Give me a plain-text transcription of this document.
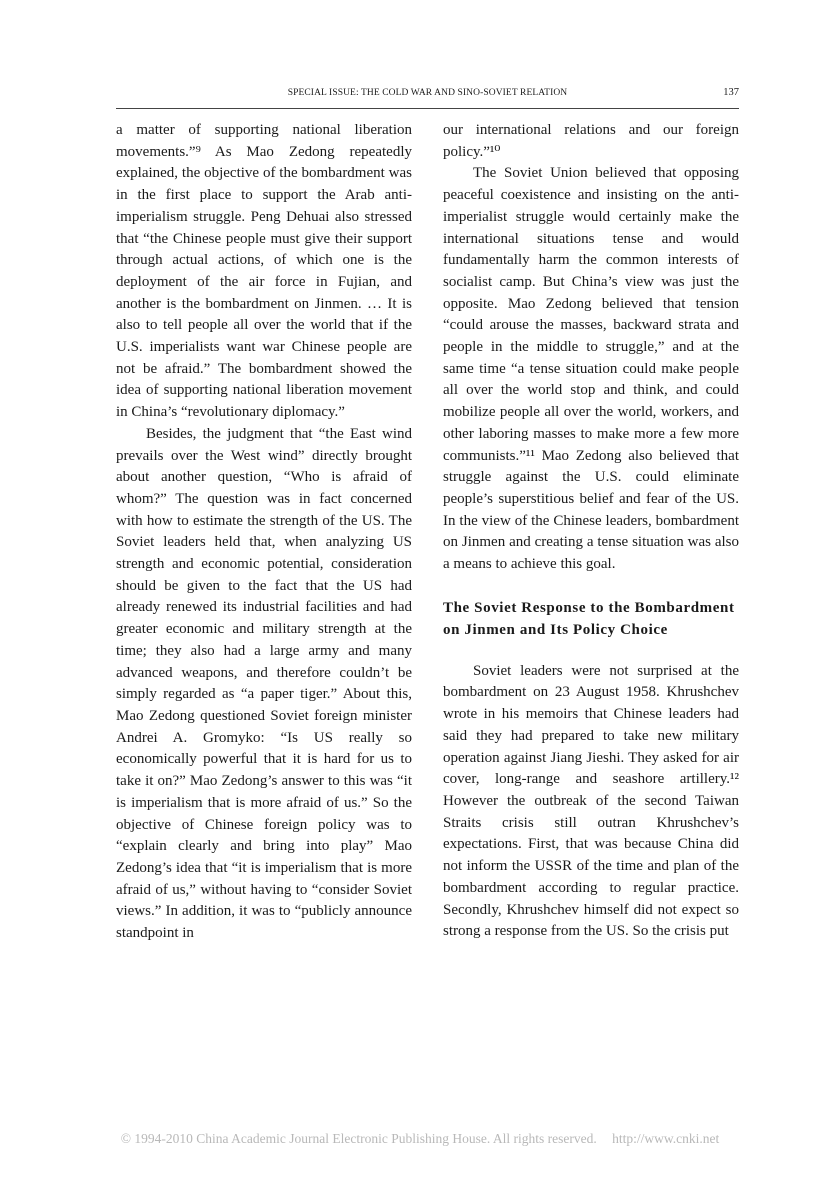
SPECIAL ISSUE: THE COLD WAR AND SINO-SOVIET RELATION	137

a matter of supporting national liberation movements.”⁹ As Mao Zedong repeatedly explained, the objective of the bombardment was in the first place to support the Arab anti-imperialism struggle. Peng Dehuai also stressed that “the Chinese people must give their support through actual actions, of which one is the deployment of the air force in Fujian, and another is the bombardment on Jinmen. … It is also to tell people all over the world that if the U.S. imperialists want war Chinese people are not be afraid.” The bombardment showed the idea of supporting national liberation movement in China’s “revolutionary diplomacy.”

Besides, the judgment that “the East wind prevails over the West wind” directly brought about another question, “Who is afraid of whom?” The question was in fact concerned with how to estimate the strength of the US. The Soviet leaders held that, when analyzing US strength and economic potential, consideration should be given to the fact that the US had already renewed its industrial facilities and had greater economic and military strength at the time; they also had a large army and many advanced weapons, and therefore couldn’t be simply regarded as “a paper tiger.” About this, Mao Zedong questioned Soviet foreign minister Andrei A. Gromyko: “Is US really so economically powerful that it is hard for us to take it on?” Mao Zedong’s answer to this was “it is imperialism that is more afraid of us.” So the objective of Chinese foreign policy was to “explain clearly and bring into play” Mao Zedong’s idea that “it is imperialism that is more afraid of us,” without having to “consider Soviet views.” In addition, it was to “publicly announce standpoint in

our international relations and our foreign policy.”¹⁰

The Soviet Union believed that opposing peaceful coexistence and insisting on the anti-imperialist struggle would certainly make the international situations tense and would fundamentally harm the common interests of socialist camp. But China’s view was just the opposite. Mao Zedong believed that tension “could arouse the masses, backward strata and people in the middle to struggle,” and at the same time “a tense situation could make people all over the world stop and think, and could mobilize people all over the world, workers, and other laboring masses to make more a few more communists.”¹¹ Mao Zedong also believed that struggle against the U.S. could eliminate people’s superstitious belief and fear of the US. In the view of the Chinese leaders, bombardment on Jinmen and creating a tense situation was also a means to achieve this goal.

The Soviet Response to the Bombardment on Jinmen and Its Policy Choice

Soviet leaders were not surprised at the bombardment on 23 August 1958. Khrushchev wrote in his memoirs that Chinese leaders had said they had prepared to take new military operation against Jiang Jieshi. They asked for air cover, long-range and seashore artillery.¹² However the outbreak of the second Taiwan Straits crisis still outran Khrushchev’s expectations. First, that was because China did not inform the USSR of the time and plan of the bombardment according to regular practice. Secondly, Khrushchev himself did not expect so strong a response from the US. So the crisis put

© 1994-2010 China Academic Journal Electronic Publishing House. All rights reserved. http://www.cnki.net
